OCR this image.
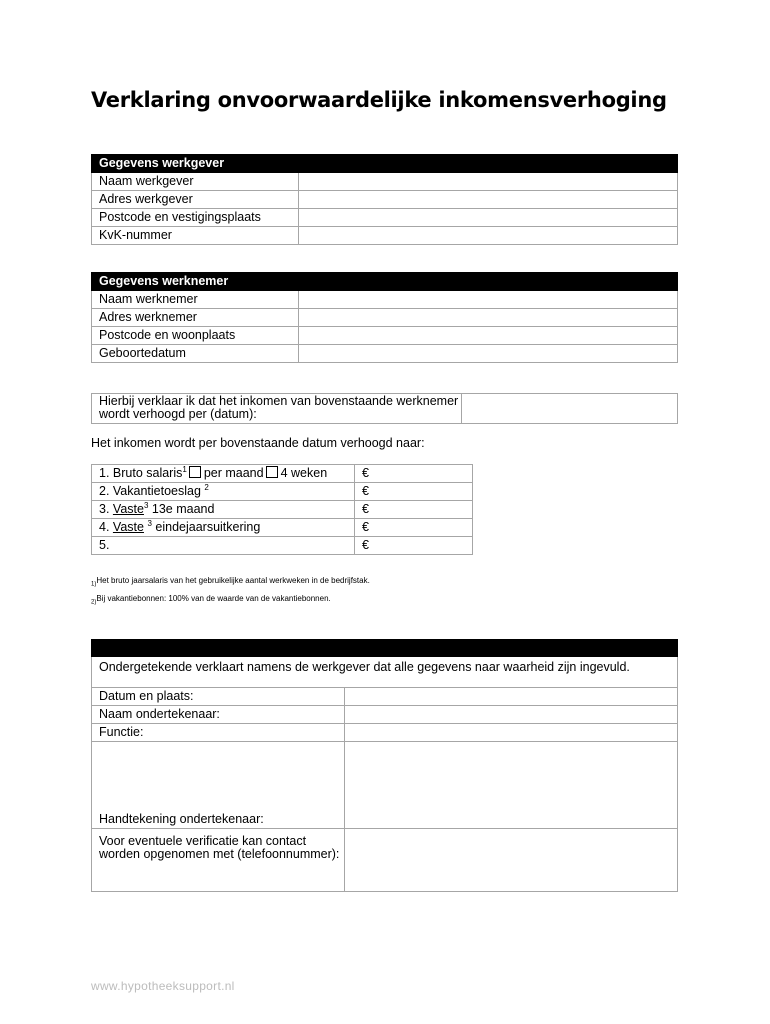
Verklaring onvoorwaardelijke inkomensverhoging
Gegevens werkgever	
Naam werkgever	
Adres werkgever	
Postcode en vestigingsplaats	
KvK-nummer	
Gegevens werknemer	
Naam werknemer	
Adres werknemer	
Postcode en woonplaats	
Geboortedatum	
Hierbij verklaar ik dat het inkomen van bovenstaande werknemer wordt verhoogd per (datum):	
Het inkomen wordt per bovenstaande datum verhoogd naar:
1. Bruto salaris$^1$ per maand 4 weken	€
2. Vakantietoeslag $^2$	€
3. Vaste$^3$ 13e maand	€
4. Vaste $^3$ eindejaarsuitkering	€
5.	€
$_{1)}$Het bruto jaarsalaris van het gebruikelijke aantal werkweken in de bedrijfstak.
$_{2)}$Bij vakantiebonnen: 100% van de waarde van de vakantiebonnen.

Ondergetekende verklaart namens de werkgever dat alle gegevens naar waarheid zijn ingevuld.	
Datum en plaats:	
Naam ondertekenaar:	
Functie:	
Handtekening ondertekenaar:	
Voor eventuele verificatie kan contact worden opgenomen met (telefoonnummer):	
www.hypotheeksupport.nl
